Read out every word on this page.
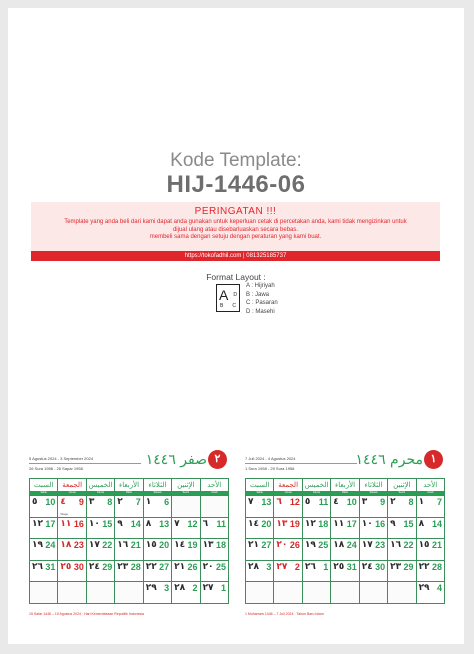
Kode Template:
HIJ-1446-06
PERINGATAN !!!
Template yang anda beli dari kami dapat anda gunakan untuk keperluan cetak di percetakan anda, kami tidak mengizinkan untuk dijual ulang atau disebarluaskan secara bebas.
membeli sama dengan setuju dengan peraturan yang kami buat.
https://tokofadhil.com | 081325185737
Format Layout :
A D
B C
A : Hijriyah
B : Jawa
C : Pasaran
D : Masehi
5 Agustus 2024 - 3 September 2024
26 Sura 1958 - 25 Sapar 1958
صفر ١٤٤٦ ٢
السبت
Sabtu
الجمعة
Jumat
الخميس
Kamis
الأربعاء
Rabu
الثلاثاء
Selasa
الإثنين
Senin
الأحد
Ahad
٥ 10 ٤ 9
Wage
٣ 8 ٢ 7 ١ 6
١٢ 17 ١١ 16 ١٠ 15 ٩ 14 ٨ 13 ٧ 12 ٦ 11
١٩ 24 ١٨ 23 ١٧ 22 ١٦ 21 ١٥ 20 ١٤ 19 ١٣ 18
٢٦ 31 ٢٥ 30 ٢٤ 29 ٢٣ 28 ٢٢ 27 ٢١ 26 ٢٠ 25
٢٩ 3 ٢٨ 2 ٢٧ 1
15 Safar 1446 – 19 Agustus 2024 · Hari Kemerdekaan Republik Indonesia
7 Juli 2024 - 4 Agustus 2024
1 Sura 1958 - 29 Sura 1958
محرم ١٤٤٦ ١
السبت
Sabtu
الجمعة
Jumat
الخميس
Kamis
الأربعاء
Rabu
الثلاثاء
Selasa
الإثنين
Senin
الأحد
Ahad
٧ 13 ٦ 12 ٥ 11 ٤ 10 ٣ 9 ٢ 8 ١ 7
١٤ 20 ١٣ 19 ١٢ 18 ١١ 17 ١٠ 16 ٩ 15 ٨ 14
٢١ 27 ٢٠ 26 ١٩ 25 ١٨ 24 ١٧ 23 ١٦ 22 ١٥ 21
٢٨ 3 ٢٧ 2 ٢٦ 1 ٢٥ 31 ٢٤ 30 ٢٣ 29 ٢٢ 28
٢٩ 4
1 Muharram 1446 – 7 Juli 2024 · Tahun Baru Islam
